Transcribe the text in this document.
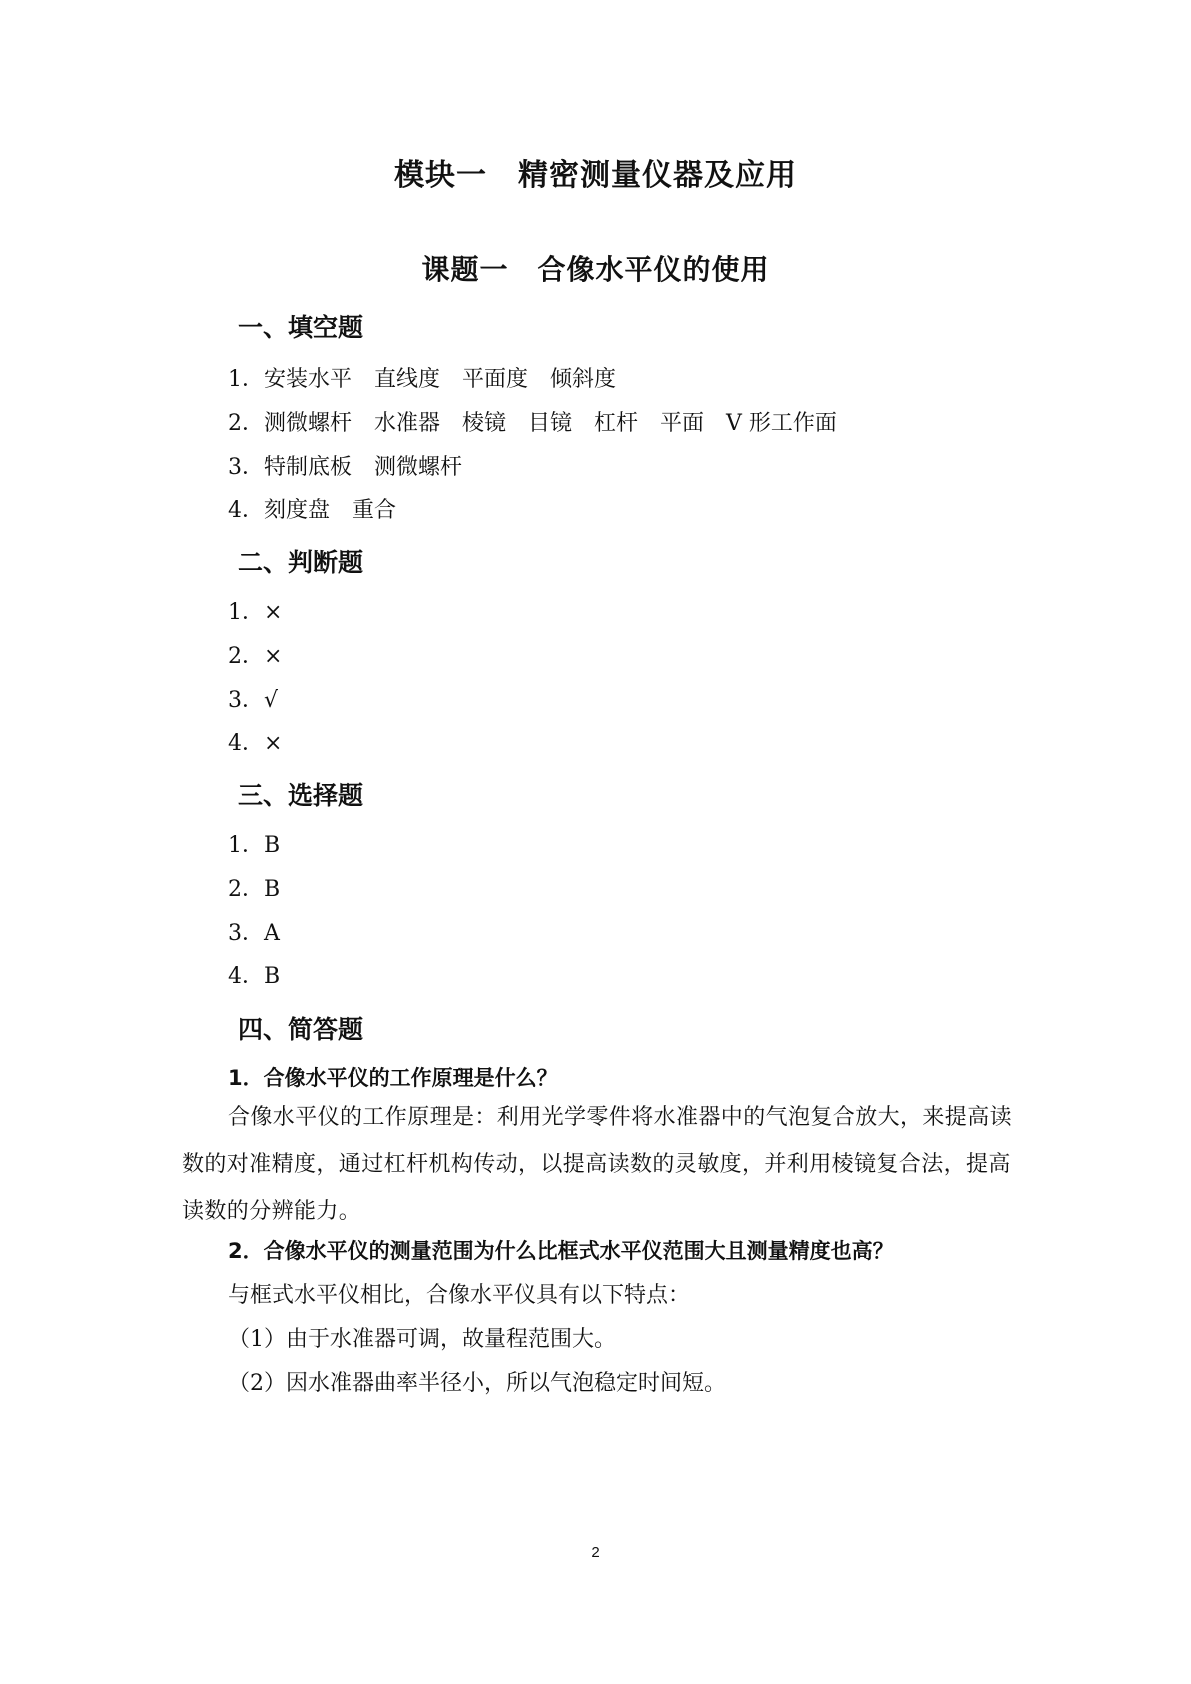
模块一　精密测量仪器及应用
课题一　合像水平仪的使用
一、填空题

1．安装水平　直线度　平面度　倾斜度

2．测微螺杆　水准器　棱镜　目镜　杠杆　平面　V 形工作面

3．特制底板　测微螺杆

4．刻度盘　重合

二、判断题

1．×

2．×

3．√

4．×

三、选择题

1．B

2．B

3．A

4．B

四、简答题

1．合像水平仪的工作原理是什么？

合像水平仪的工作原理是：利用光学零件将水准器中的气泡复合放大，来提高读数的对准精度，通过杠杆机构传动，以提高读数的灵敏度，并利用棱镜复合法，提高读数的分辨能力。

2．合像水平仪的测量范围为什么比框式水平仪范围大且测量精度也高？

与框式水平仪相比，合像水平仪具有以下特点：

（1）由于水准器可调，故量程范围大。

（2）因水准器曲率半径小，所以气泡稳定时间短。

2
